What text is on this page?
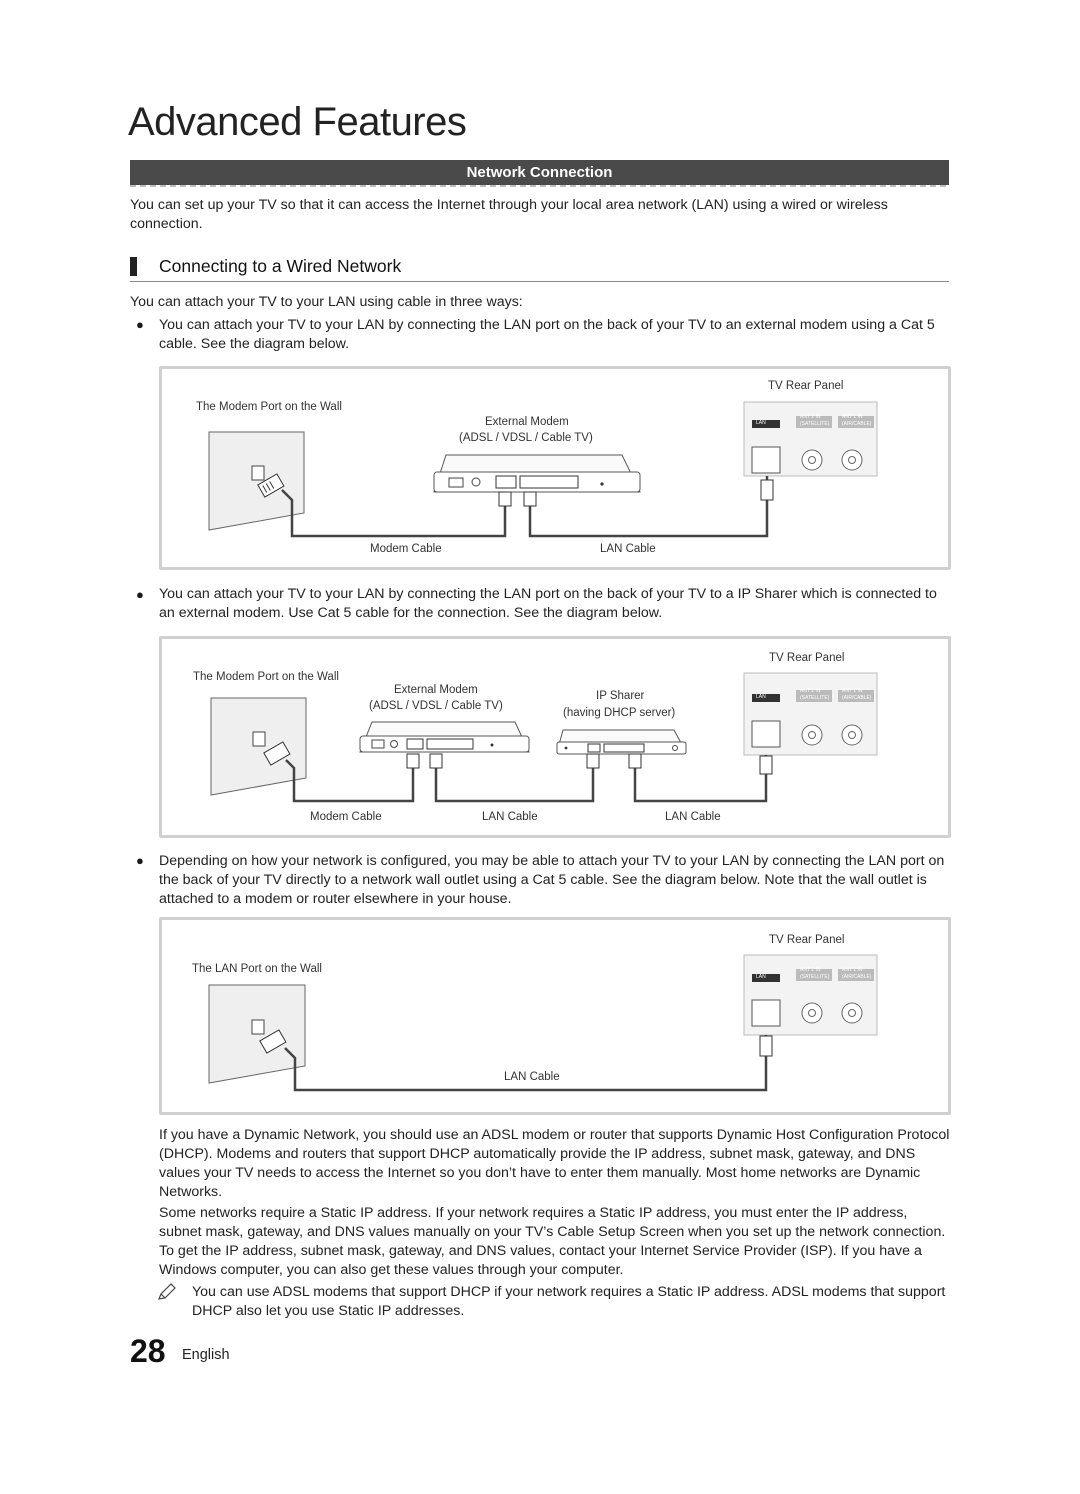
Advanced Features
Network Connection
You can set up your TV so that it can access the Internet through your local area network (LAN) using a wired or wireless connection.
Connecting to a Wired Network
You can attach your TV to your LAN using cable in three ways:
● You can attach your TV to your LAN by connecting the LAN port on the back of your TV to an external modem using a Cat 5 cable. See the diagram below.
The Modem Port on the Wall
External Modem
(ADSL / VDSL / Cable TV)
TV Rear Panel
Modem Cable	LAN Cable
LAN
ANT 2 IN
(SATELLITE)
ANT 1 IN
(AIR/CABLE)
● You can attach your TV to your LAN by connecting the LAN port on the back of your TV to a IP Sharer which is connected to an external modem. Use Cat 5 cable for the connection. See the diagram below.
The Modem Port on the Wall
External Modem
(ADSL / VDSL / Cable TV)
IP Sharer
(having DHCP server)
TV Rear Panel
Modem Cable	LAN Cable	LAN Cable
LAN
ANT 2 IN
(SATELLITE)
ANT 1 IN
(AIR/CABLE)
● Depending on how your network is configured, you may be able to attach your TV to your LAN by connecting the LAN port on the back of your TV directly to a network wall outlet using a Cat 5 cable. See the diagram below. Note that the wall outlet is attached to a modem or router elsewhere in your house.
The LAN Port on the Wall
TV Rear Panel
LAN Cable
LAN
ANT 2 IN
(SATELLITE)
ANT 1 IN
(AIR/CABLE)
If you have a Dynamic Network, you should use an ADSL modem or router that supports Dynamic Host Configuration Protocol (DHCP). Modems and routers that support DHCP automatically provide the IP address, subnet mask, gateway, and DNS values your TV needs to access the Internet so you don’t have to enter them manually. Most home networks are Dynamic Networks.
Some networks require a Static IP address. If your network requires a Static IP address, you must enter the IP address, subnet mask, gateway, and DNS values manually on your TV’s Cable Setup Screen when you set up the network connection. To get the IP address, subnet mask, gateway, and DNS values, contact your Internet Service Provider (ISP). If you have a Windows computer, you can also get these values through your computer.
You can use ADSL modems that support DHCP if your network requires a Static IP address. ADSL modems that support DHCP also let you use Static IP addresses.
28 English
